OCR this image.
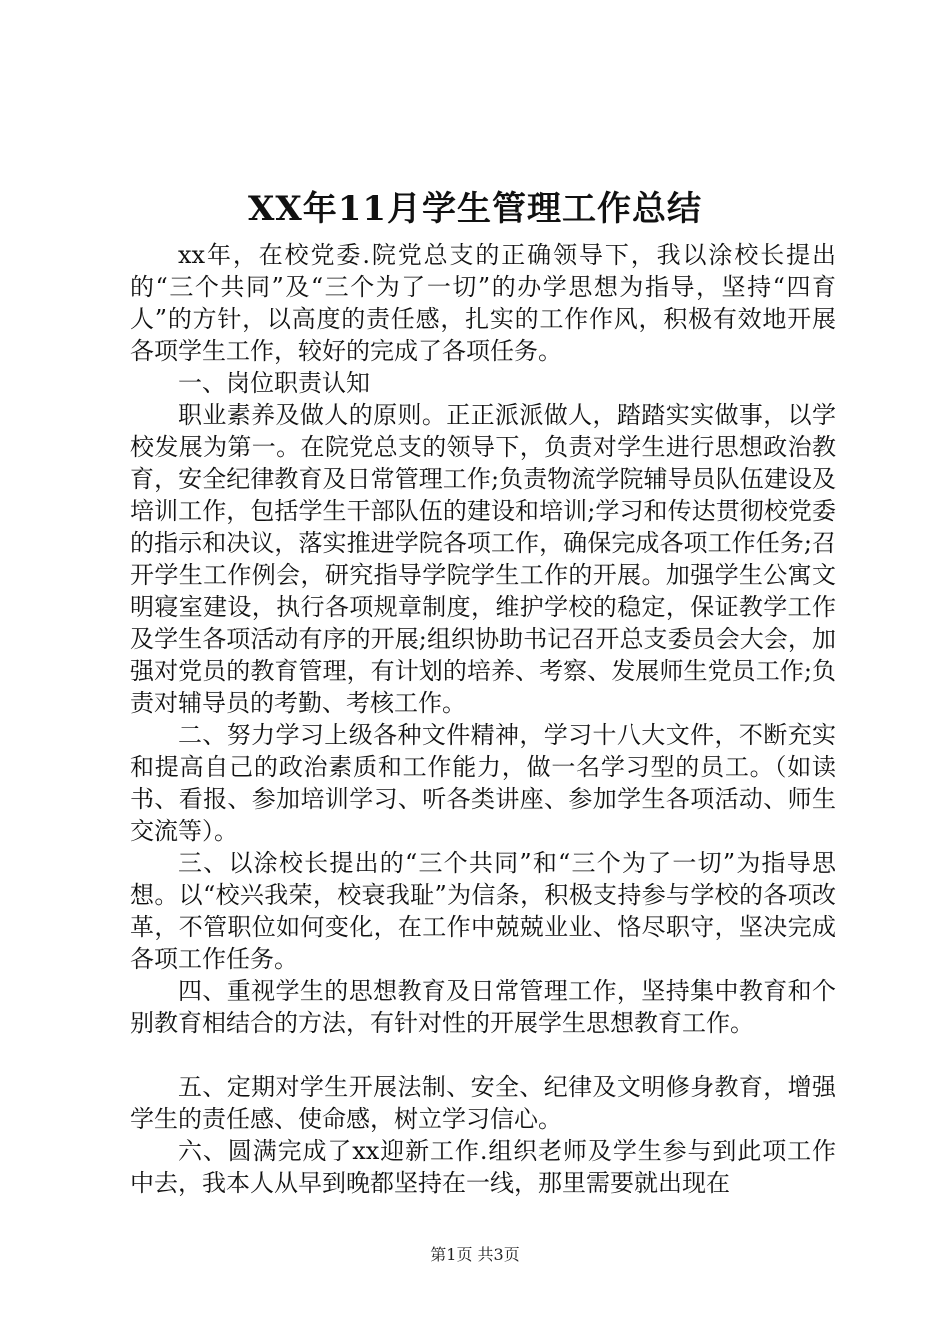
XX年11月学生管理工作总结

xx年，在校党委.院党总支的正确领导下，我以涂校长提出的“三个共同”及“三个为了一切”的办学思想为指导，坚持“四育人”的方针，以高度的责任感，扎实的工作作风，积极有效地开展各项学生工作，较好的完成了各项任务。

一、岗位职责认知

职业素养及做人的原则。正正派派做人，踏踏实实做事，以学校发展为第一。在院党总支的领导下，负责对学生进行思想政治教育，安全纪律教育及日常管理工作;负责物流学院辅导员队伍建设及培训工作，包括学生干部队伍的建设和培训;学习和传达贯彻校党委的指示和决议，落实推进学院各项工作，确保完成各项工作任务;召开学生工作例会，研究指导学院学生工作的开展。加强学生公寓文明寝室建设，执行各项规章制度，维护学校的稳定，保证教学工作及学生各项活动有序的开展;组织协助书记召开总支委员会大会，加强对党员的教育管理，有计划的培养、考察、发展师生党员工作;负责对辅导员的考勤、考核工作。

二、努力学习上级各种文件精神，学习十八大文件，不断充实和提高自己的政治素质和工作能力，做一名学习型的员工。（如读书、看报、参加培训学习、听各类讲座、参加学生各项活动、师生交流等）。

三、以涂校长提出的“三个共同”和“三个为了一切”为指导思想。以“校兴我荣，校衰我耻”为信条，积极支持参与学校的各项改革，不管职位如何变化，在工作中兢兢业业、恪尽职守，坚决完成各项工作任务。

四、重视学生的思想教育及日常管理工作，坚持集中教育和个别教育相结合的方法，有针对性的开展学生思想教育工作。

五、定期对学生开展法制、安全、纪律及文明修身教育，增强学生的责任感、使命感，树立学习信心。

六、圆满完成了xx迎新工作.组织老师及学生参与到此项工作中去，我本人从早到晚都坚持在一线，那里需要就出现在

第1页 共3页
